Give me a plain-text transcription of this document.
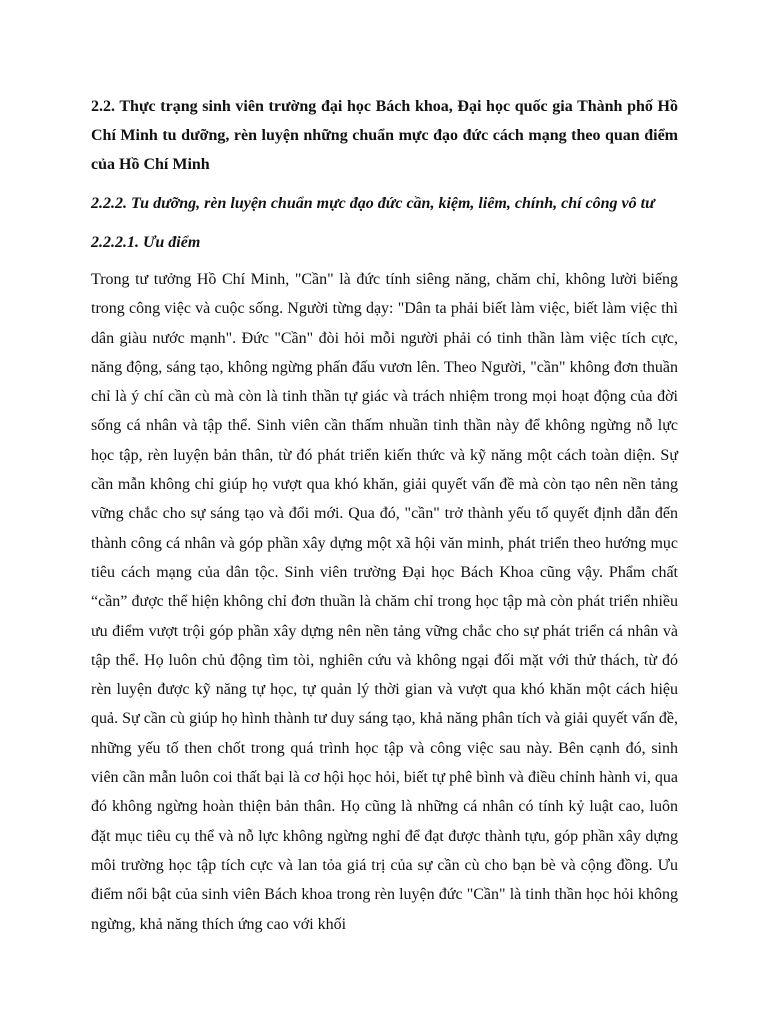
2.2. Thực trạng sinh viên trường đại học Bách khoa, Đại học quốc gia Thành phố Hồ Chí Minh tu dưỡng, rèn luyện những chuẩn mực đạo đức cách mạng theo quan điểm của Hồ Chí Minh
2.2.2. Tu dưỡng, rèn luyện chuẩn mực đạo đức cần, kiệm, liêm, chính, chí công vô tư
2.2.2.1. Ưu điểm

Trong tư tưởng Hồ Chí Minh, "Cần" là đức tính siêng năng, chăm chỉ, không lười biếng trong công việc và cuộc sống. Người từng dạy: "Dân ta phải biết làm việc, biết làm việc thì dân giàu nước mạnh". Đức "Cần" đòi hỏi mỗi người phải có tinh thần làm việc tích cực, năng động, sáng tạo, không ngừng phấn đấu vươn lên. Theo Người, "cần" không đơn thuần chỉ là ý chí cần cù mà còn là tinh thần tự giác và trách nhiệm trong mọi hoạt động của đời sống cá nhân và tập thể. Sinh viên cần thấm nhuần tinh thần này để không ngừng nỗ lực học tập, rèn luyện bản thân, từ đó phát triển kiến thức và kỹ năng một cách toàn diện. Sự cần mẫn không chỉ giúp họ vượt qua khó khăn, giải quyết vấn đề mà còn tạo nên nền tảng vững chắc cho sự sáng tạo và đổi mới. Qua đó, "cần" trở thành yếu tố quyết định dẫn đến thành công cá nhân và góp phần xây dựng một xã hội văn minh, phát triển theo hướng mục tiêu cách mạng của dân tộc. Sinh viên trường Đại học Bách Khoa cũng vậy. Phẩm chất “cần” được thể hiện không chỉ đơn thuần là chăm chỉ trong học tập mà còn phát triển nhiều ưu điểm vượt trội góp phần xây dựng nên nền tảng vững chắc cho sự phát triển cá nhân và tập thể. Họ luôn chủ động tìm tòi, nghiên cứu và không ngại đối mặt với thử thách, từ đó rèn luyện được kỹ năng tự học, tự quản lý thời gian và vượt qua khó khăn một cách hiệu quả. Sự cần cù giúp họ hình thành tư duy sáng tạo, khả năng phân tích và giải quyết vấn đề, những yếu tố then chốt trong quá trình học tập và công việc sau này. Bên cạnh đó, sinh viên cần mẫn luôn coi thất bại là cơ hội học hỏi, biết tự phê bình và điều chỉnh hành vi, qua đó không ngừng hoàn thiện bản thân. Họ cũng là những cá nhân có tính kỷ luật cao, luôn đặt mục tiêu cụ thể và nỗ lực không ngừng nghỉ để đạt được thành tựu, góp phần xây dựng môi trường học tập tích cực và lan tỏa giá trị của sự cần cù cho bạn bè và cộng đồng. Ưu điểm nổi bật của sinh viên Bách khoa trong rèn luyện đức "Cần" là tinh thần học hỏi không ngừng, khả năng thích ứng cao với khối
